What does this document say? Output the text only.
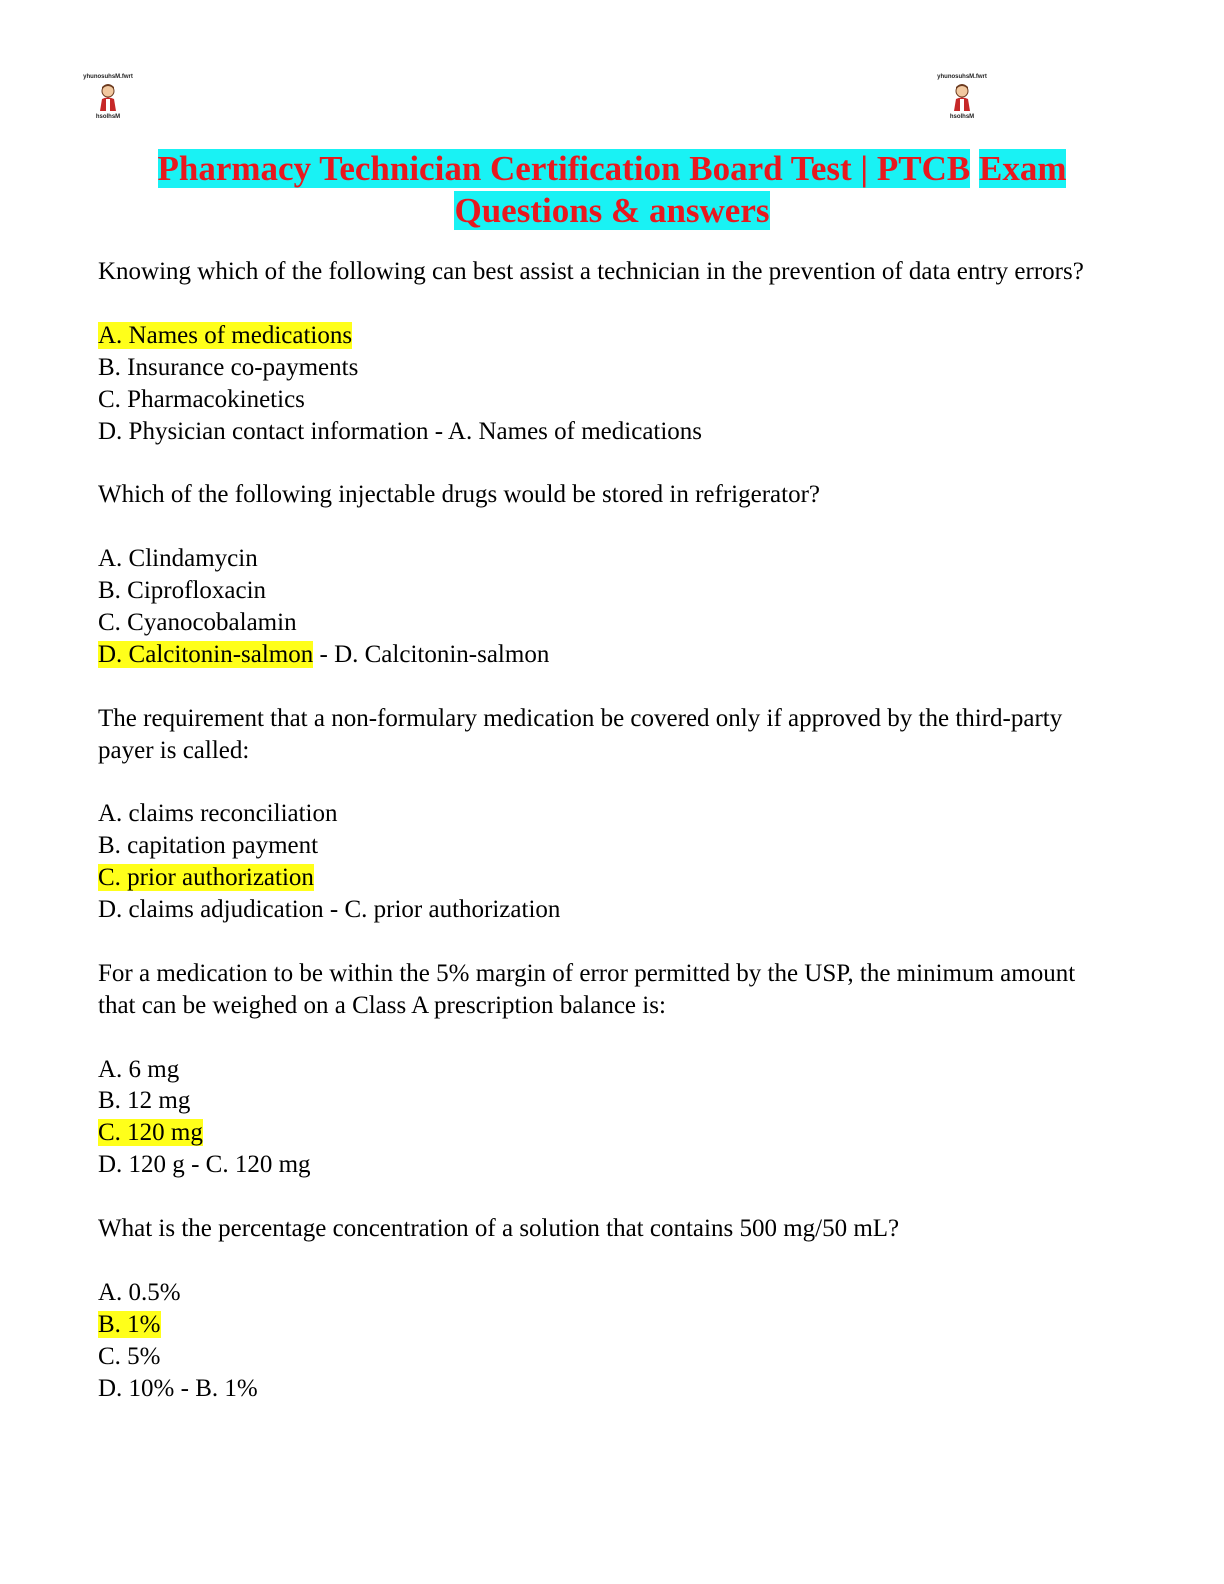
yhunosuhsM.fwrt
hsolhsM
yhunosuhsM.fwrt
hsolhsM
Pharmacy Technician Certification Board Test | PTCB Exam
Questions & answers

Knowing which of the following can best assist a technician in the prevention of data entry errors?

A. Names of medications

B. Insurance co-payments

C. Pharmacokinetics

D. Physician contact information - A. Names of medications

Which of the following injectable drugs would be stored in refrigerator?

A. Clindamycin

B. Ciprofloxacin

C. Cyanocobalamin

D. Calcitonin-salmon - D. Calcitonin-salmon

The requirement that a non-formulary medication be covered only if approved by the third-party payer is called:

A. claims reconciliation

B. capitation payment

C. prior authorization

D. claims adjudication - C. prior authorization

For a medication to be within the 5% margin of error permitted by the USP, the minimum amount that can be weighed on a Class A prescription balance is:

A. 6 mg

B. 12 mg

C. 120 mg

D. 120 g - C. 120 mg

What is the percentage concentration of a solution that contains 500 mg/50 mL?

A. 0.5%

B. 1%

C. 5%

D. 10% - B. 1%
